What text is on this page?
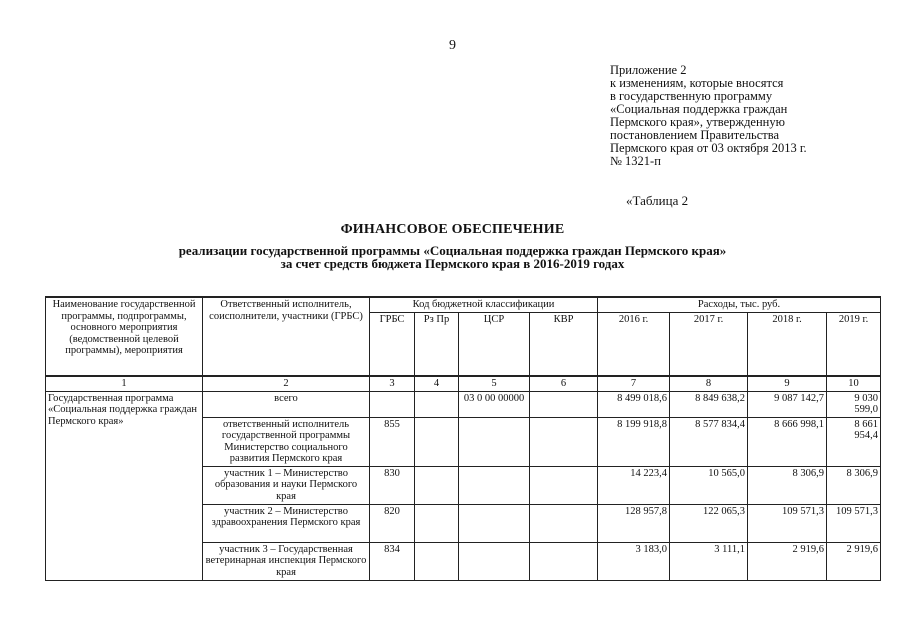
9
Приложение 2
к изменениям, которые вносятся
в государственную программу
«Социальная поддержка граждан
Пермского края», утвержденную
постановлением Правительства
Пермского края от 03 октября 2013 г.
№ 1321-п
«Таблица 2
ФИНАНСОВОЕ ОБЕСПЕЧЕНИЕ
реализации государственной программы «Социальная поддержка граждан Пермского края»
за счет средств бюджета Пермского края в 2016-2019 годах
Наименование государственной программы, подпрограммы, основного мероприятия (ведомственной целевой программы), мероприятия	Ответственный исполнитель, соисполнители, участники (ГРБС)	Код бюджетной классификации				Расходы, тыс. руб.			
		ГРБС	Рз Пр	ЦСР	КВР	2016 г.	2017 г.	2018 г.	2019 г.
1	2	3	4	5	6	7	8	9	10
Государственная программа «Социальная поддержка граждан Пермского края»	всего			03 0 00 00000		8 499 018,6	8 849 638,2	9 087 142,7	9 030 599,0
	ответственный исполнитель государственной программы Министерство социального развития Пермского края	855				8 199 918,8	8 577 834,4	8 666 998,1	8 661 954,4
	участник 1 – Министерство образования и науки Пермского края	830				14 223,4	10 565,0	8 306,9	8 306,9
	участник 2 – Министерство здравоохранения Пермского края	820				128 957,8	122 065,3	109 571,3	109 571,3
	участник 3 – Государственная ветеринарная инспекция Пермского края	834				3 183,0	3 111,1	2 919,6	2 919,6
